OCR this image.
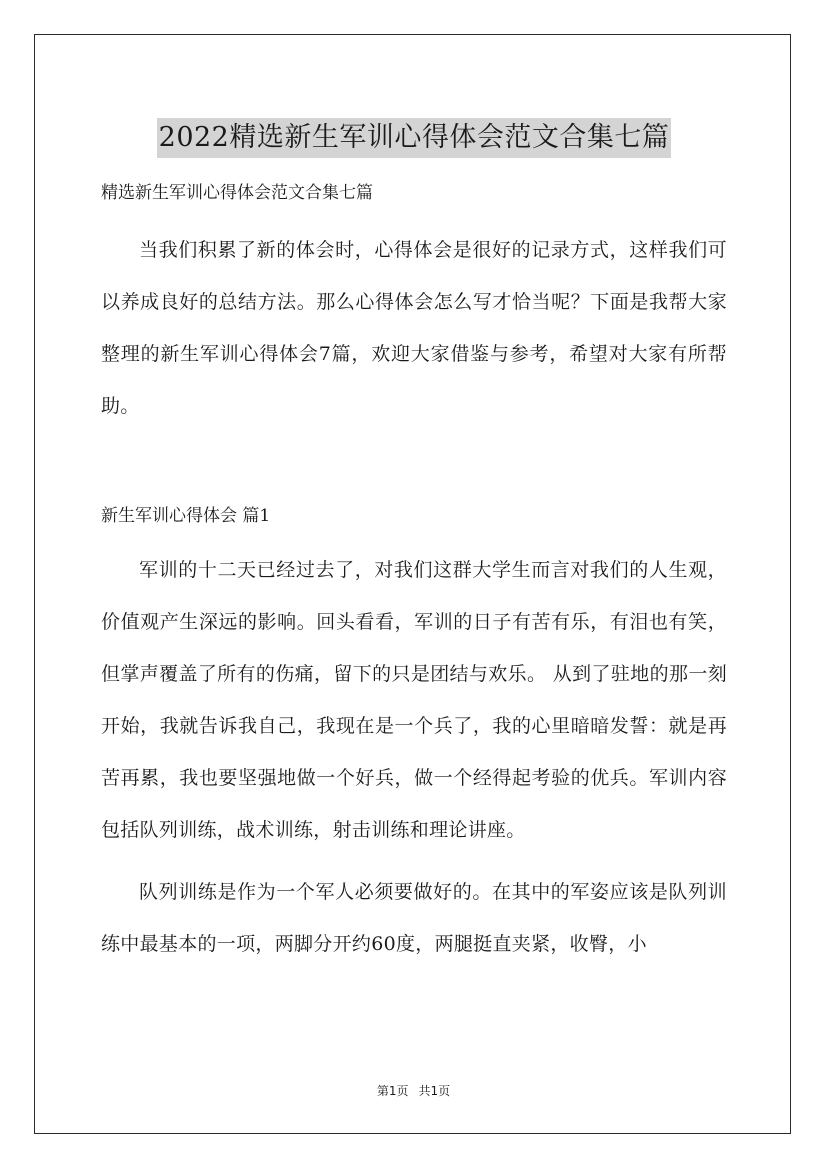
2022精选新生军训心得体会范文合集七篇

精选新生军训心得体会范文合集七篇

当我们积累了新的体会时，心得体会是很好的记录方式，这样我们可以养成良好的总结方法。那么心得体会怎么写才恰当呢？下面是我帮大家整理的新生军训心得体会7篇，欢迎大家借鉴与参考，希望对大家有所帮助。

新生军训心得体会 篇1

军训的十二天已经过去了，对我们这群大学生而言对我们的人生观，价值观产生深远的影响。回头看看，军训的日子有苦有乐，有泪也有笑，但掌声覆盖了所有的伤痛，留下的只是团结与欢乐。 从到了驻地的那一刻开始，我就告诉我自己，我现在是一个兵了，我的心里暗暗发誓：就是再苦再累，我也要坚强地做一个好兵，做一个经得起考验的优兵。军训内容包括队列训练，战术训练，射击训练和理论讲座。

队列训练是作为一个军人必须要做好的。在其中的军姿应该是队列训练中最基本的一项，两脚分开约60度，两腿挺直夹紧，收臀，小

第1页 共1页
